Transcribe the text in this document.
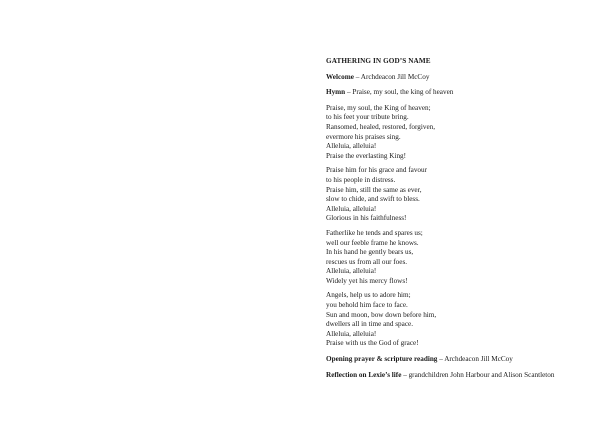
GATHERING IN GOD’S NAME
Welcome – Archdeacon Jill McCoy
Hymn – Praise, my soul, the king of heaven
Praise, my soul, the King of heaven;
to his feet your tribute bring.
Ransomed, healed, restored, forgiven,
evermore his praises sing.
Alleluia, alleluia!
Praise the everlasting King!
Praise him for his grace and favour
to his people in distress.
Praise him, still the same as ever,
slow to chide, and swift to bless.
Alleluia, alleluia!
Glorious in his faithfulness!
Fatherlike he tends and spares us;
well our feeble frame he knows.
In his hand he gently bears us,
rescues us from all our foes.
Alleluia, alleluia!
Widely yet his mercy flows!
Angels, help us to adore him;
you behold him face to face.
Sun and moon, bow down before him,
dwellers all in time and space.
Alleluia, alleluia!
Praise with us the God of grace!
Opening prayer & scripture reading – Archdeacon Jill McCoy
Reflection on Lexie’s life – grandchildren John Harbour and Alison Scantleton
